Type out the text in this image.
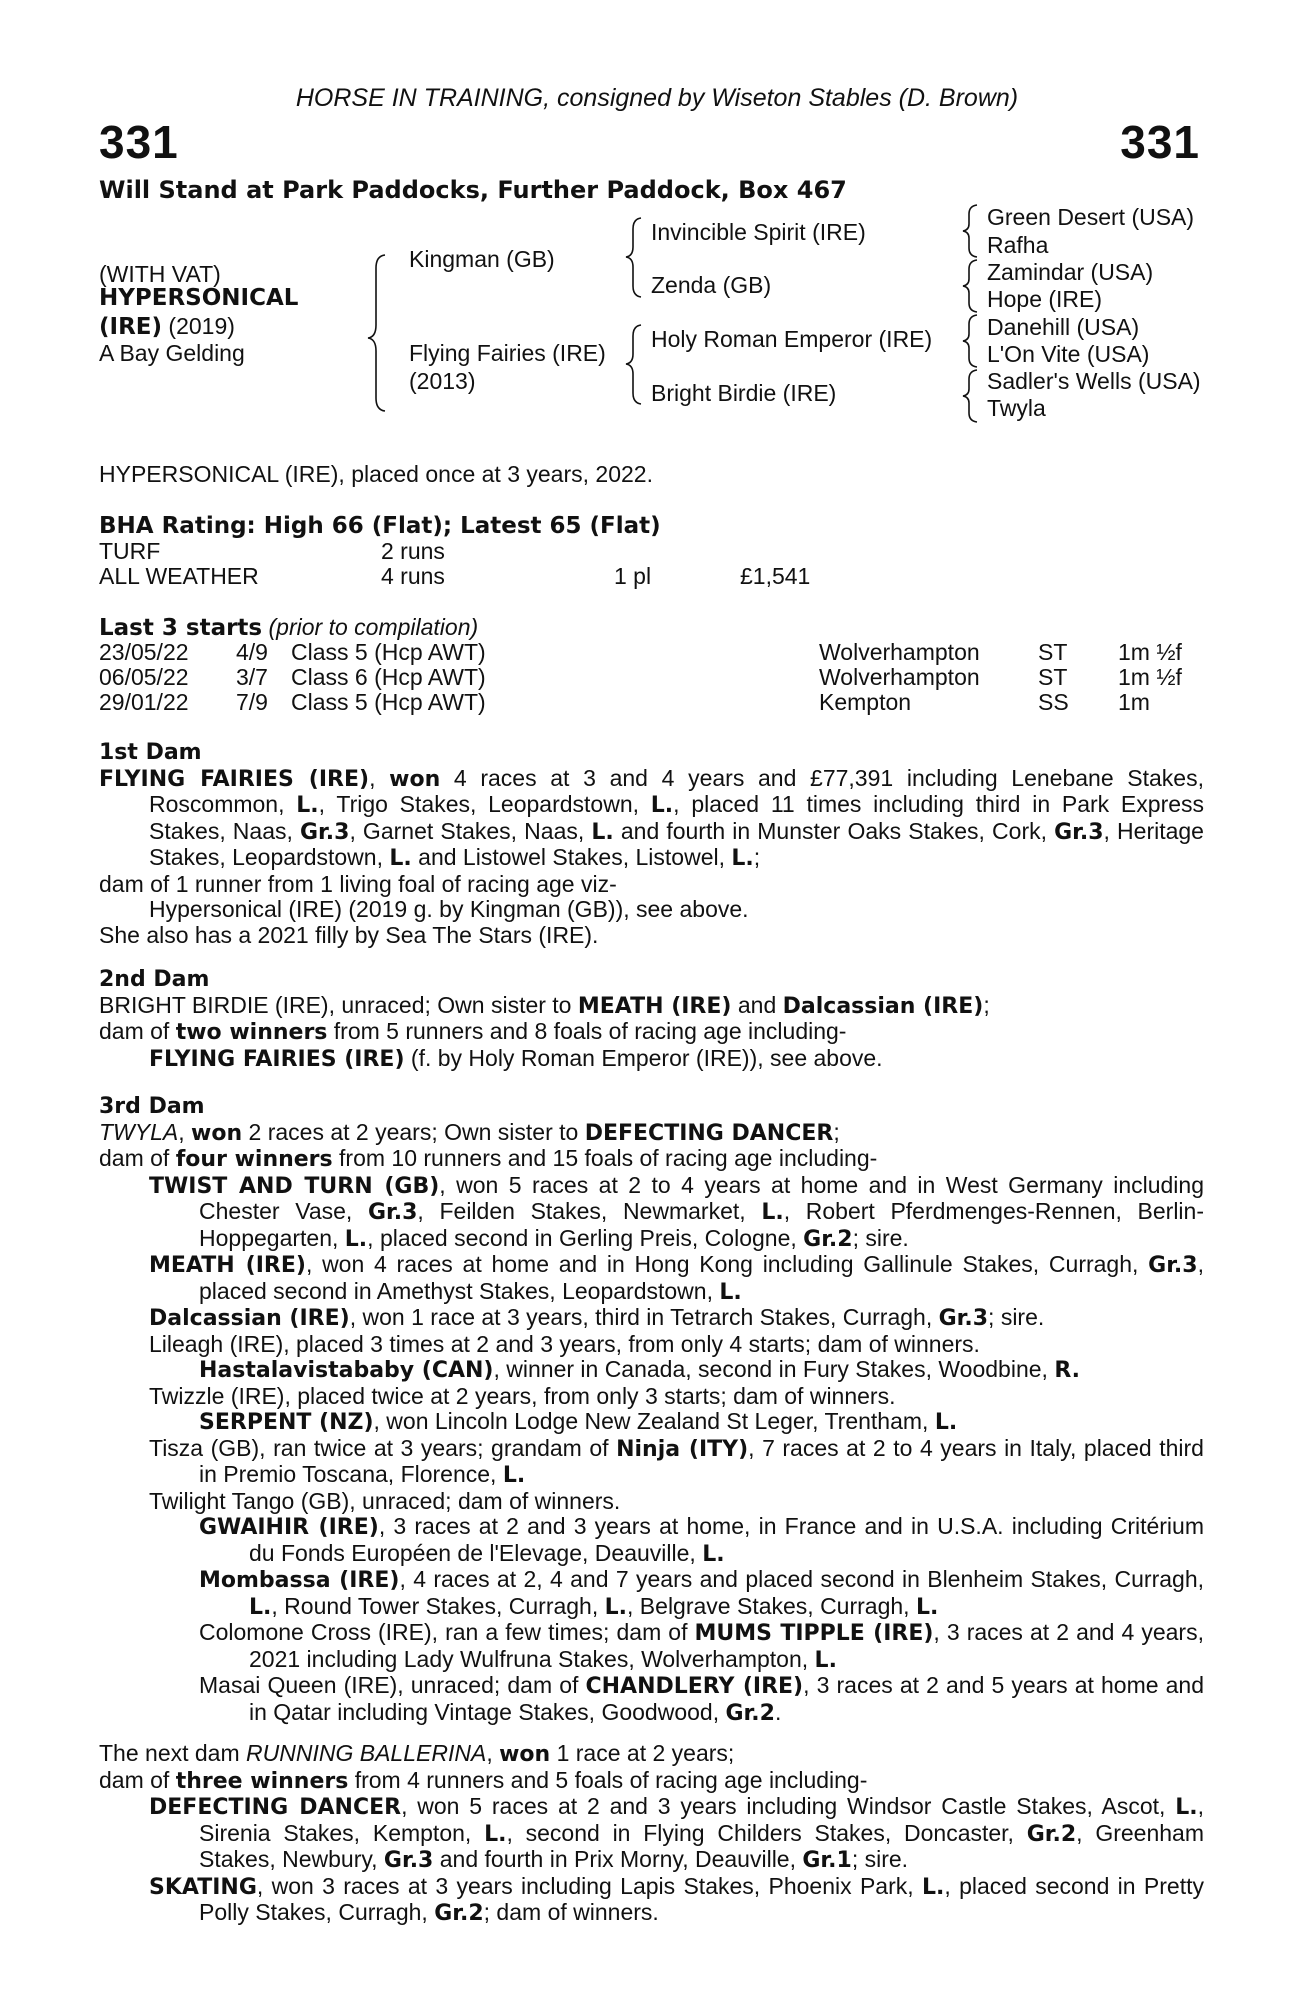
HORSE IN TRAINING, consigned by Wiseton Stables (D. Brown)
331	331
Will Stand at Park Paddocks, Further Paddock, Box 467
(WITH VAT)
HYPERSONICAL
(IRE) (2019)
A Bay Gelding
Kingman (GB)
Flying Fairies (IRE)
(2013)
Invincible Spirit (IRE)
Zenda (GB)
Holy Roman Emperor (IRE)
Bright Birdie (IRE)
Green Desert (USA)
Rafha
Zamindar (USA)
Hope (IRE)
Danehill (USA)
L'On Vite (USA)
Sadler's Wells (USA)
Twyla
HYPERSONICAL (IRE), placed once at 3 years, 2022.
BHA Rating: High 66 (Flat); Latest 65 (Flat)
TURF	2 runs
ALL WEATHER	4 runs	1 pl	£1,541
Last 3 starts (prior to compilation)
23/05/22 4/9 Class 5 (Hcp AWT)	Wolverhampton	ST 1m ½f
06/05/22 3/7 Class 6 (Hcp AWT)	Wolverhampton	ST 1m ½f
29/01/22 7/9 Class 5 (Hcp AWT)	Kempton	SS 1m

1st Dam

FLYING FAIRIES (IRE), won 4 races at 3 and 4 years and £77,391 including Lenebane Stakes, Roscommon, L., Trigo Stakes, Leopardstown, L., placed 11 times including third in Park Express Stakes, Naas, Gr.3, Garnet Stakes, Naas, L. and fourth in Munster Oaks Stakes, Cork, Gr.3, Heritage Stakes, Leopardstown, L. and Listowel Stakes, Listowel, L.;

dam of 1 runner from 1 living foal of racing age viz-

Hypersonical (IRE) (2019 g. by Kingman (GB)), see above.

She also has a 2021 filly by Sea The Stars (IRE).

2nd Dam

BRIGHT BIRDIE (IRE), unraced; Own sister to MEATH (IRE) and Dalcassian (IRE);

dam of two winners from 5 runners and 8 foals of racing age including-

FLYING FAIRIES (IRE) (f. by Holy Roman Emperor (IRE)), see above.

3rd Dam

TWYLA, won 2 races at 2 years; Own sister to DEFECTING DANCER;

dam of four winners from 10 runners and 15 foals of racing age including-

TWIST AND TURN (GB), won 5 races at 2 to 4 years at home and in West Germany including Chester Vase, Gr.3, Feilden Stakes, Newmarket, L., Robert Pferdmenges-Rennen, Berlin-Hoppegarten, L., placed second in Gerling Preis, Cologne, Gr.2; sire.

MEATH (IRE), won 4 races at home and in Hong Kong including Gallinule Stakes, Curragh, Gr.3, placed second in Amethyst Stakes, Leopardstown, L.

Dalcassian (IRE), won 1 race at 3 years, third in Tetrarch Stakes, Curragh, Gr.3; sire.

Lileagh (IRE), placed 3 times at 2 and 3 years, from only 4 starts; dam of winners.

Hastalavistababy (CAN), winner in Canada, second in Fury Stakes, Woodbine, R.

Twizzle (IRE), placed twice at 2 years, from only 3 starts; dam of winners.

SERPENT (NZ), won Lincoln Lodge New Zealand St Leger, Trentham, L.

Tisza (GB), ran twice at 3 years; grandam of Ninja (ITY), 7 races at 2 to 4 years in Italy, placed third in Premio Toscana, Florence, L.

Twilight Tango (GB), unraced; dam of winners.

GWAIHIR (IRE), 3 races at 2 and 3 years at home, in France and in U.S.A. including Critérium du Fonds Européen de l'Elevage, Deauville, L.

Mombassa (IRE), 4 races at 2, 4 and 7 years and placed second in Blenheim Stakes, Curragh, L., Round Tower Stakes, Curragh, L., Belgrave Stakes, Curragh, L.

Colomone Cross (IRE), ran a few times; dam of MUMS TIPPLE (IRE), 3 races at 2 and 4 years, 2021 including Lady Wulfruna Stakes, Wolverhampton, L.

Masai Queen (IRE), unraced; dam of CHANDLERY (IRE), 3 races at 2 and 5 years at home and in Qatar including Vintage Stakes, Goodwood, Gr.2.

The next dam RUNNING BALLERINA, won 1 race at 2 years;

dam of three winners from 4 runners and 5 foals of racing age including-

DEFECTING DANCER, won 5 races at 2 and 3 years including Windsor Castle Stakes, Ascot, L., Sirenia Stakes, Kempton, L., second in Flying Childers Stakes, Doncaster, Gr.2, Greenham Stakes, Newbury, Gr.3 and fourth in Prix Morny, Deauville, Gr.1; sire.

SKATING, won 3 races at 3 years including Lapis Stakes, Phoenix Park, L., placed second in Pretty Polly Stakes, Curragh, Gr.2; dam of winners.
